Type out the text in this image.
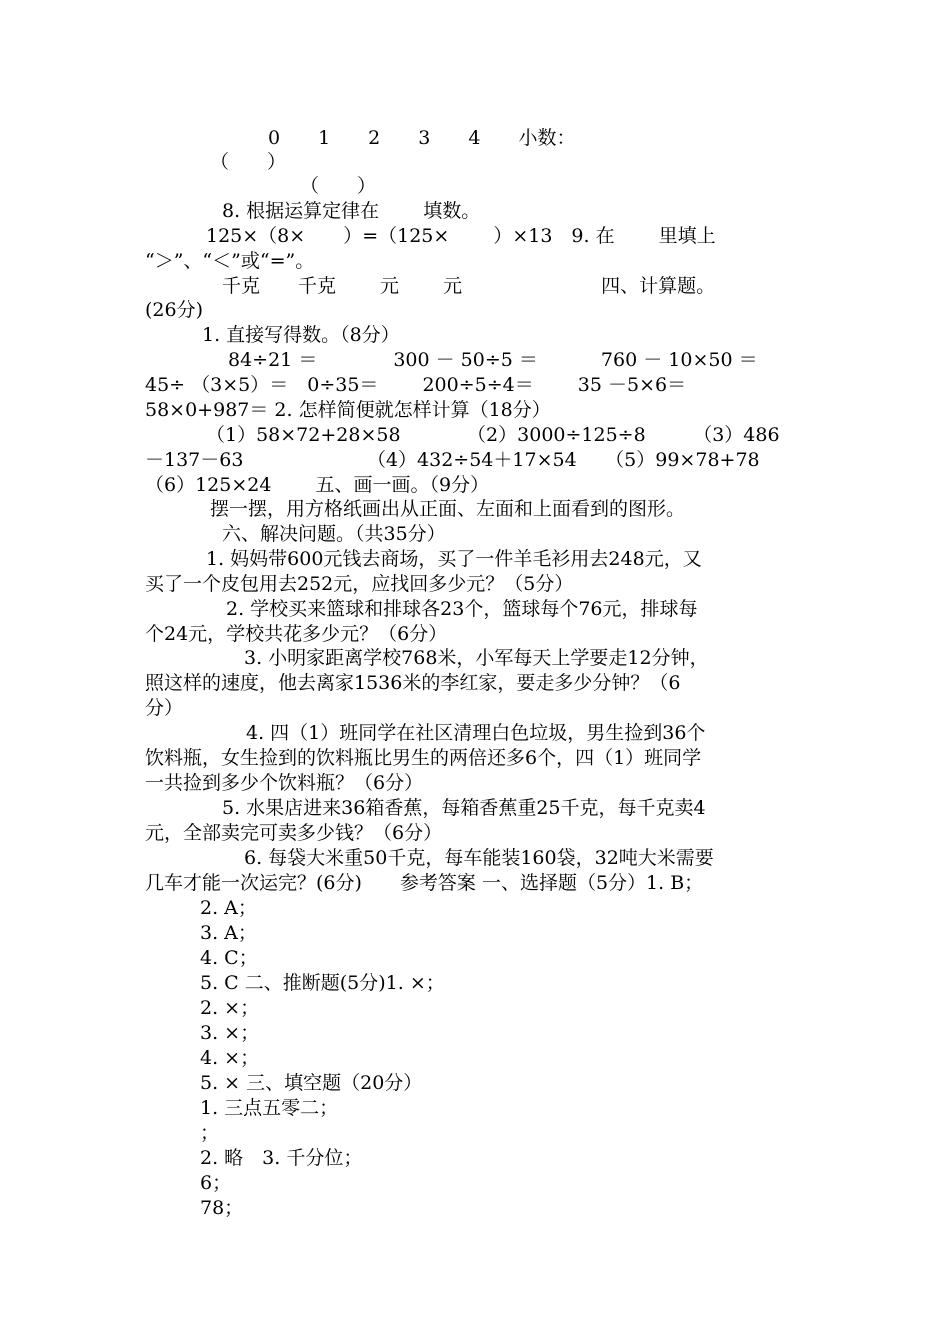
0　　1　　2　　3　　4　　小数：
（　　）
（　　）
8. 根据运算定律在　　 填数。
125×（8×　　）=（125×　　 ）×13　9. 在　　 里填上
“＞”、“＜”或“=”。
千克　　千克　　 元　　 元　　　　　　　 四、计算题。
(26分)
1. 直接写得数。（8分）
84÷21 ＝　　　　300 － 50÷5 ＝　　　 760 － 10×50 ＝
45÷ （3×5）＝　0÷35＝　　 200÷5÷4＝　　 35 －5×6＝
58×0+987＝ 2. 怎样简便就怎样计算（18分）
（1）58×72+28×58　　　　（2）3000÷125÷8　　　（3）486
－137－63　　　　　　　（4）432÷54＋17×54　　（5）99×78+78
（6）125×24　　 五、画一画。（9分）
摆一摆，用方格纸画出从正面、左面和上面看到的图形。
六、解决问题。（共35分）
1. 妈妈带600元钱去商场，买了一件羊毛衫用去248元，又
买了一个皮包用去252元，应找回多少元？（5分）
2. 学校买来篮球和排球各23个，篮球每个76元，排球每
个24元，学校共花多少元？（6分）
3. 小明家距离学校768米，小军每天上学要走12分钟，
照这样的速度，他去离家1536米的李红家，要走多少分钟？（6
分）
4. 四（1）班同学在社区清理白色垃圾，男生捡到36个
饮料瓶，女生捡到的饮料瓶比男生的两倍还多6个，四（1）班同学
一共捡到多少个饮料瓶？（6分）
5. 水果店进来36箱香蕉，每箱香蕉重25千克，每千克卖4
元，全部卖完可卖多少钱？（6分）
6. 每袋大米重50千克，每车能装160袋，32吨大米需要
几车才能一次运完？(6分)　　参考答案 一、选择题（5分）1. B；
2. A；
3. A；
4. C；
5. C 二、推断题(5分)1. ×；
2. ×；
3. ×；
4. ×；
5. × 三、填空题（20分）
1. 三点五零二；
；
2. 略　3. 千分位；
6；
78；
